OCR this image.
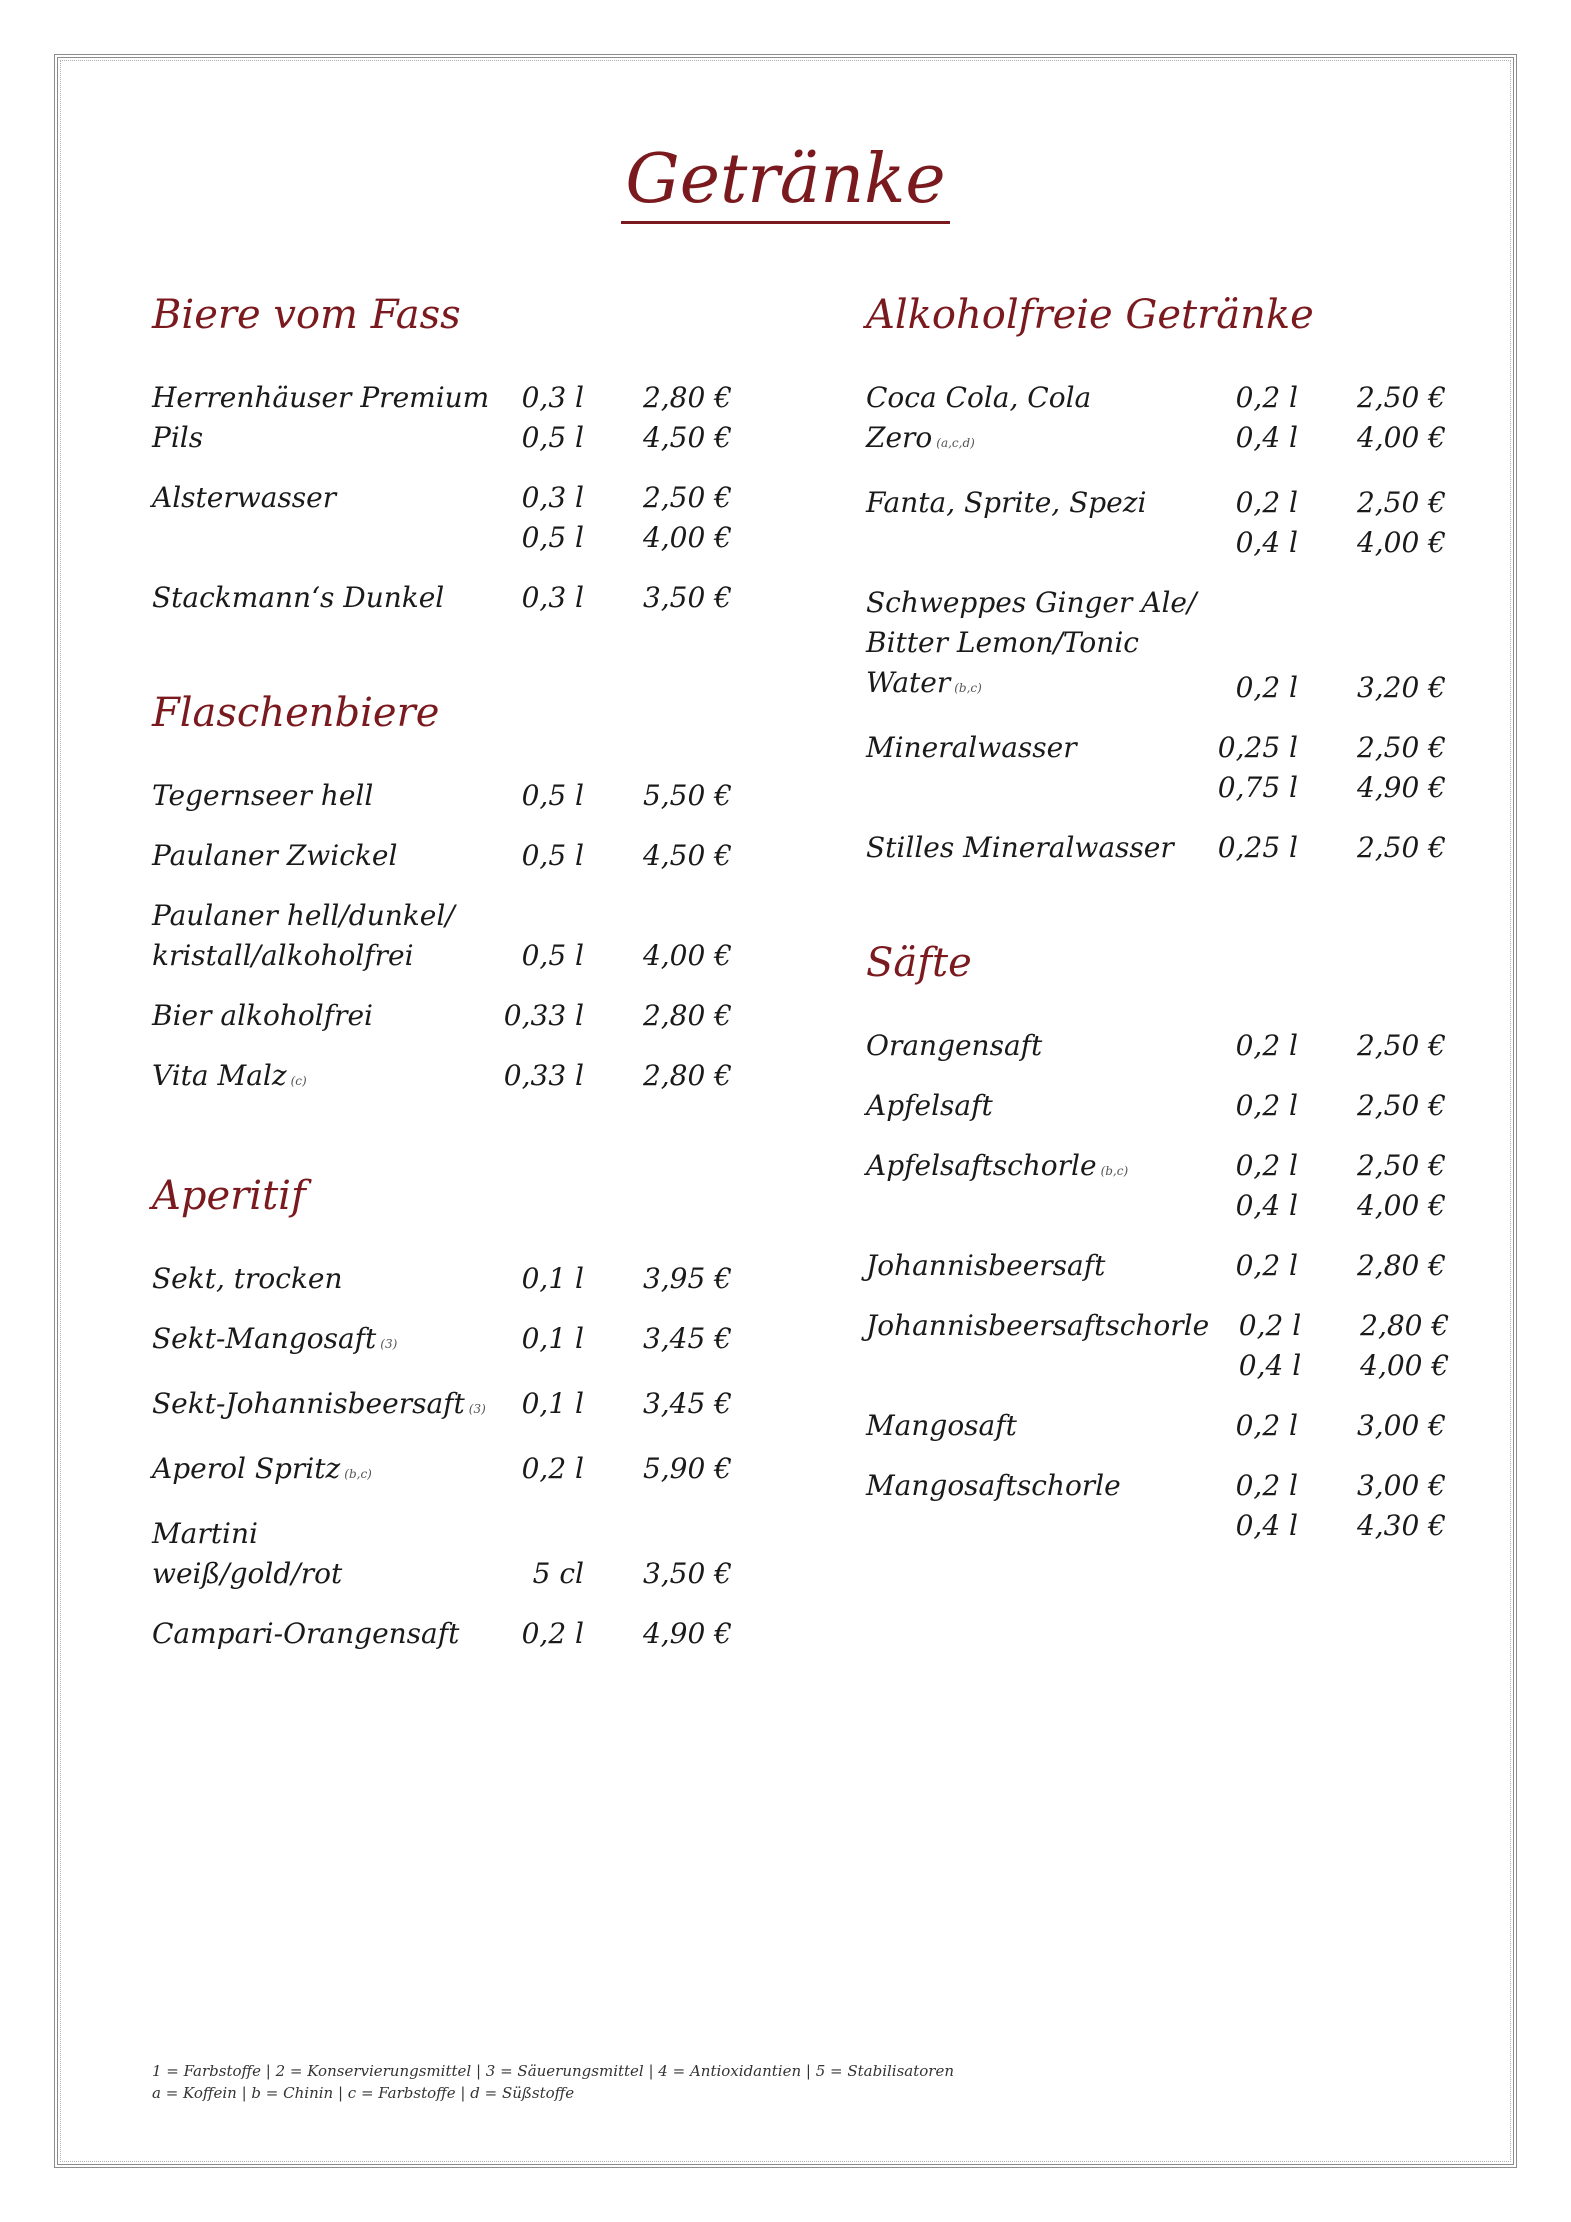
Getränke
Biere vom Fass
Herrenhäuser Premium Pils
0,3 l	2,80 €
0,5 l	4,50 €
Alsterwasser	0,3 l	2,50 €
0,5 l	4,00 €
Stackmann‘s Dunkel	0,3 l	3,50 €
Flaschenbiere
Tegernseer hell	0,5 l	5,50 €
Paulaner Zwickel	0,5 l	4,50 €
Paulaner hell/dunkel/
kristall/alkoholfrei	0,5 l	4,00 €
Bier alkoholfrei	0,33 l	2,80 €
Vita Malz (c)	0,33 l	2,80 €
Aperitif
Sekt, trocken	0,1 l	3,95 €
Sekt-Mangosaft (3)	0,1 l	3,45 €
Sekt-Johannisbeersaft (3)	0,1 l	3,45 €
Aperol Spritz (b,c)	0,2 l	5,90 €
Martini
weiß/gold/rot	5 cl	3,50 €
Campari-Orangensaft	0,2 l	4,90 €
Alkoholfreie Getränke
Coca Cola, Cola Zero (a,c,d)
0,2 l	2,50 €
0,4 l	4,00 €
Fanta, Sprite, Spezi	0,2 l	2,50 €
0,4 l	4,00 €
Schweppes Ginger Ale/
Bitter Lemon/Tonic Water (b,c)	0,2 l	3,20 €
Mineralwasser	0,25 l	2,50 €
0,75 l	4,90 €
Stilles Mineralwasser	0,25 l	2,50 €
Säfte
Orangensaft	0,2 l	2,50 €
Apfelsaft	0,2 l	2,50 €
Apfelsaftschorle (b,c)	0,2 l	2,50 €
0,4 l	4,00 €
Johannisbeersaft	0,2 l	2,80 €
Johannisbeersaftschorle	0,2 l	2,80 €
0,4 l	4,00 €
Mangosaft	0,2 l	3,00 €
Mangosaftschorle	0,2 l	3,00 €
0,4 l	4,30 €
1 = Farbstoffe | 2 = Konservierungsmittel | 3 = Säuerungsmittel | 4 = Antioxidantien | 5 = Stabilisatoren
a = Koffein | b = Chinin | c = Farbstoffe | d = Süßstoffe
